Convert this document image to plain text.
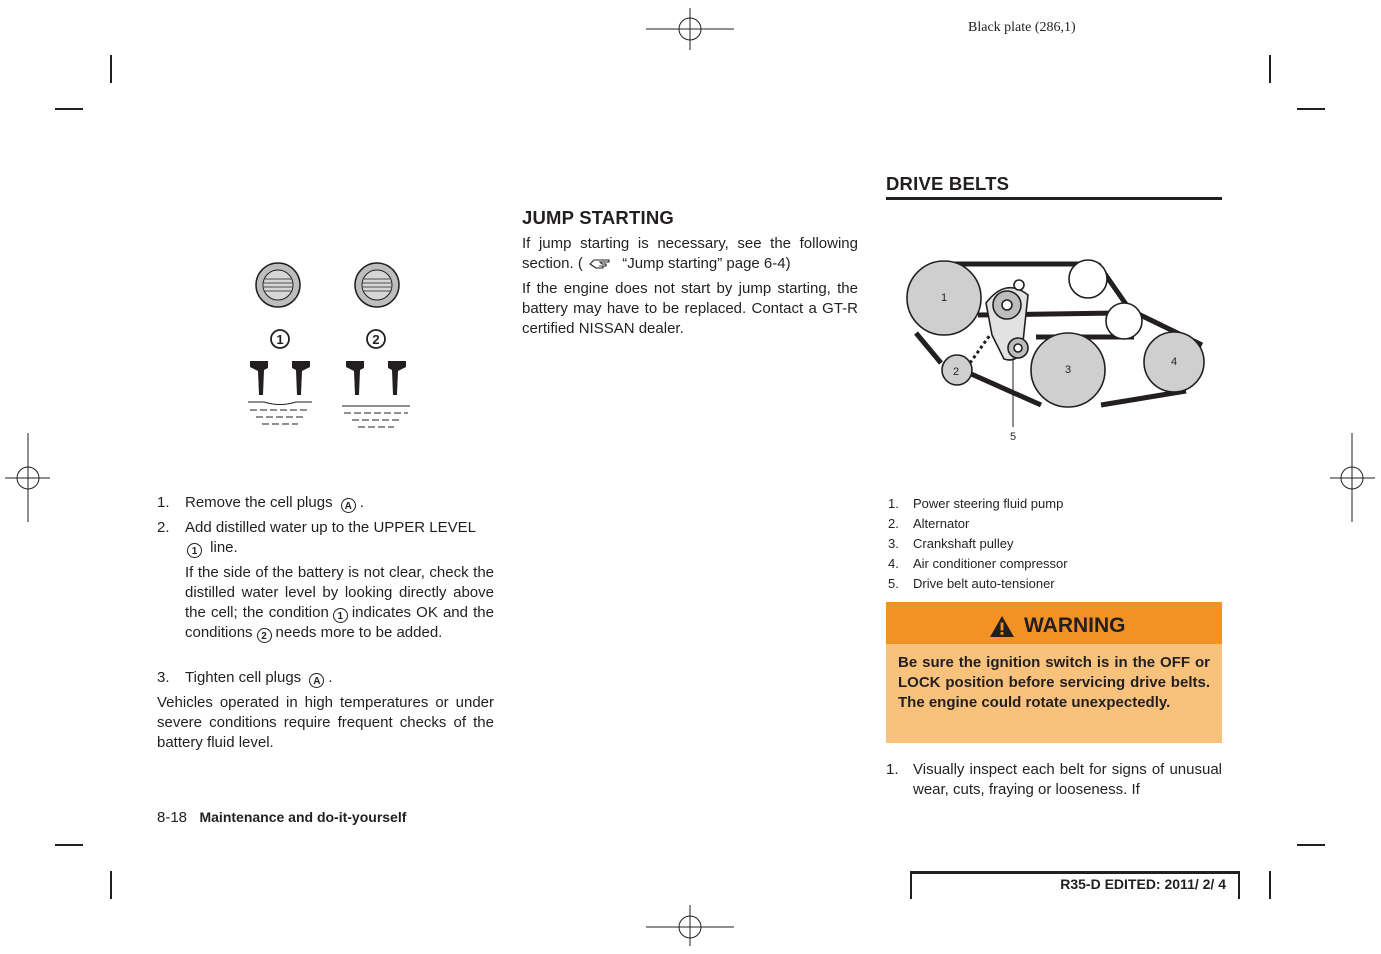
Black plate (286,1)
1	2
1. Remove the cell plugs A .
2. Add distilled water up to the UPPER LEVEL
1 line.
If the side of the battery is not clear, check the distilled water level by looking directly above the cell; the condition 1 indicates OK and the conditions 2 needs more to be added.
3. Tighten cell plugs A .
Vehicles operated in high temperatures or under severe conditions require frequent checks of the battery fluid level.
8-18 Maintenance and do-it-yourself
JUMP STARTING
If jump starting is necessary, see the following section. (	“Jump starting” page 6-4)
If the engine does not start by jump starting, the battery may have to be replaced. Contact a GT-R certified NISSAN dealer.
DRIVE BELTS
1
2	3
4
5
1. Power steering fluid pump
2. Alternator
3. Crankshaft pulley
4. Air conditioner compressor
5. Drive belt auto-tensioner
WARNING
Be sure the ignition switch is in the OFF or LOCK position before servicing drive belts. The engine could rotate unexpectedly.
1. Visually inspect each belt for signs of unusual wear, cuts, fraying or looseness. If
R35-D EDITED: 2011/ 2/ 4
